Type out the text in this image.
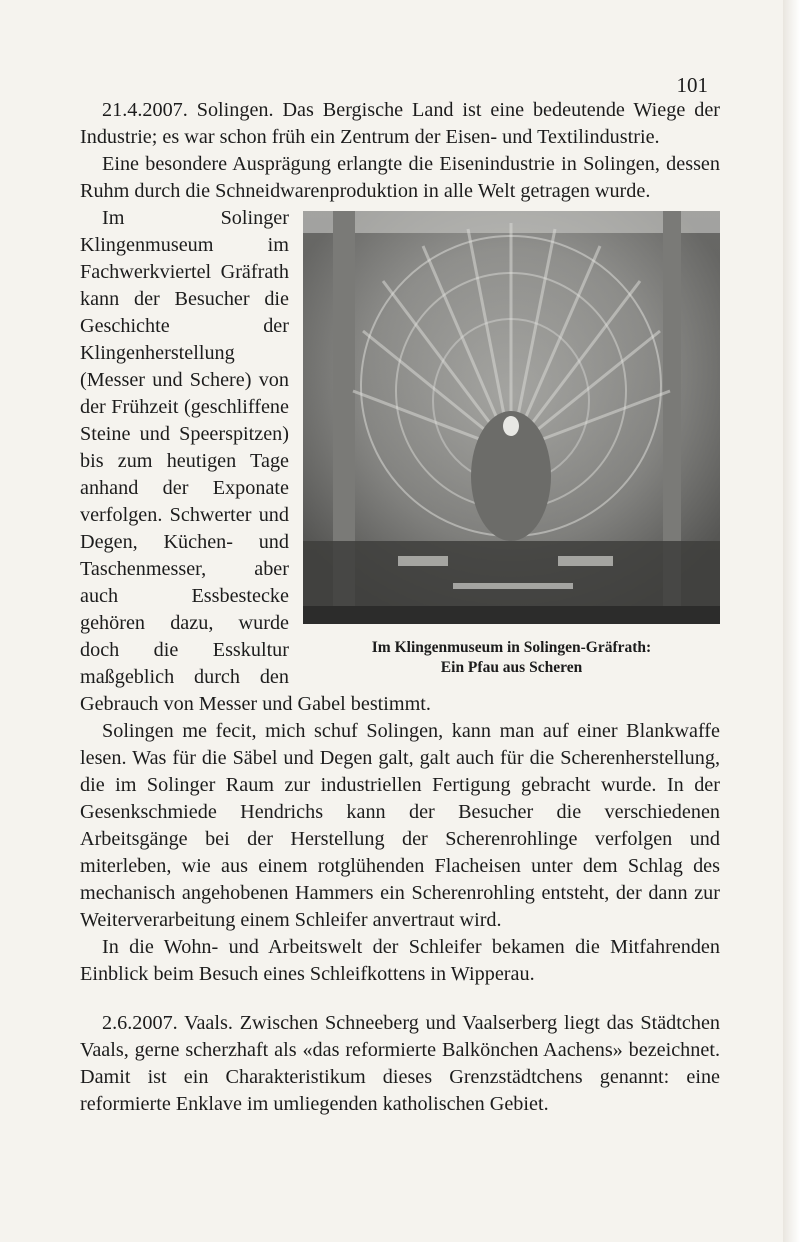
101

21.4.2007. Solingen. Das Bergische Land ist eine bedeutende Wiege der Industrie; es war schon früh ein Zentrum der Eisen- und Textilindustrie.

Eine besondere Ausprägung erlangte die Eisenindustrie in Solingen, dessen Ruhm durch die Schneidwarenproduktion in alle Welt getragen wurde.

Im Klingenmuseum in Solingen-Gräfrath:
Ein Pfau aus Scheren

Im Solinger Klingenmuseum im Fachwerkviertel Gräfrath kann der Besucher die Geschichte der Klingenherstellung (Messer und Schere) von der Frühzeit (geschliffene Steine und Speerspitzen) bis zum heutigen Tage anhand der Exponate verfolgen. Schwerter und Degen, Küchen- und Taschenmesser, aber auch Essbestecke gehören dazu, wurde doch die Esskultur maßgeblich durch den Gebrauch von Messer und Gabel bestimmt.

Solingen me fecit, mich schuf Solingen, kann man auf einer Blankwaffe lesen. Was für die Säbel und Degen galt, galt auch für die Scherenherstellung, die im Solinger Raum zur industriellen Fertigung gebracht wurde. In der Gesenkschmiede Hendrichs kann der Besucher die verschiedenen Arbeitsgänge bei der Herstellung der Scherenrohlinge verfolgen und miterleben, wie aus einem rotglühenden Flacheisen unter dem Schlag des mechanisch angehobenen Hammers ein Scherenrohling entsteht, der dann zur Weiterverarbeitung einem Schleifer anvertraut wird.

In die Wohn- und Arbeitswelt der Schleifer bekamen die Mitfahrenden Einblick beim Besuch eines Schleifkottens in Wipperau.

2.6.2007. Vaals. Zwischen Schneeberg und Vaalserberg liegt das Städtchen Vaals, gerne scherzhaft als «das reformierte Balkönchen Aachens» bezeichnet. Damit ist ein Charakteristikum dieses Grenzstädtchens genannt: eine reformierte Enklave im umliegenden katholischen Gebiet.
